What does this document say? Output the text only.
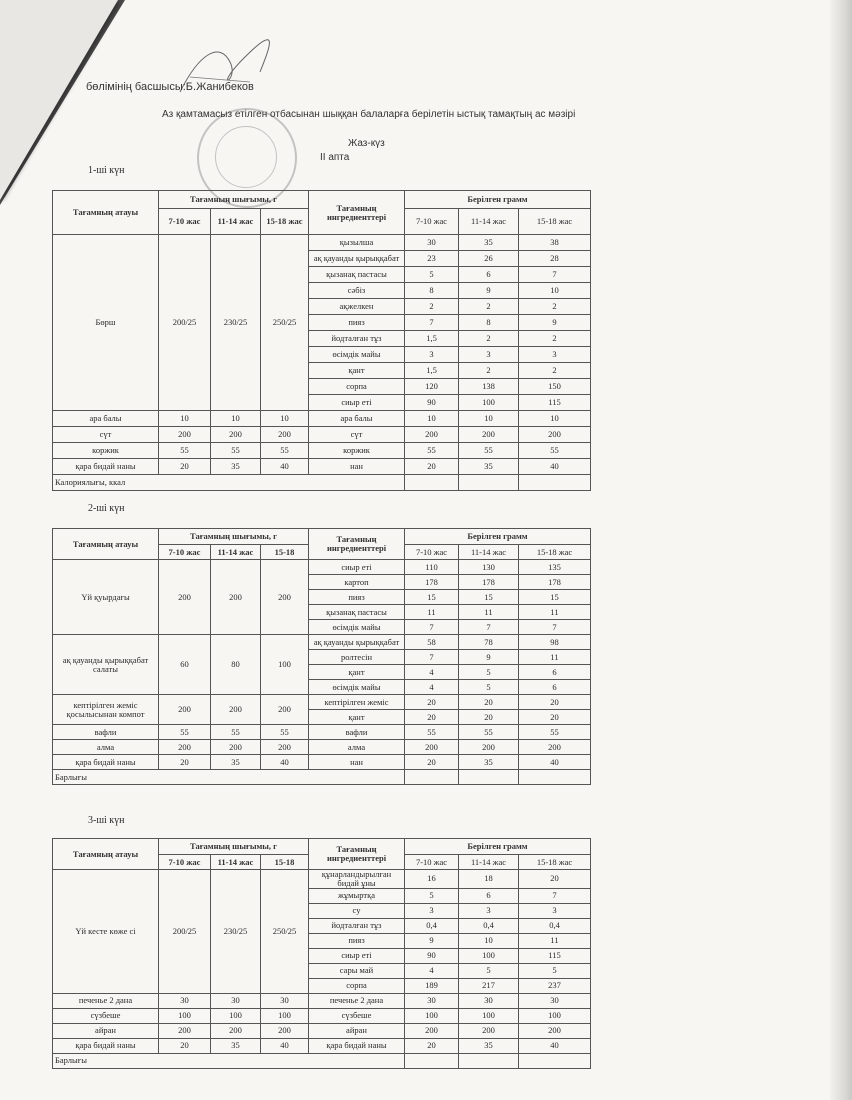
кін:
бөлімінің басшысы:Б.Жанибеков
Аз қамтамасыз етілген отбасынан шыққан балаларға берілетін ыстық тамақтың ас мәзірі
Жаз-күз
ІІ апта
1-ші күн
Тағамның атауы	Тағамның шығымы, г			Тағамның ингредиенттері	Берілген грамм		
	7-10 жас	11-14 жас	15-18 жас		7-10 жас	11-14 жас	15-18 жас
Бөрш	200/25	230/25	250/25	қызылша	30	35	38
				ақ қауанды қырыққабат	23	26	28
				қызанақ пастасы	5	6	7
				сәбіз	8	9	10
				ақжелкен	2	2	2
				пияз	7	8	9
				йодталған тұз	1,5	2	2
				өсімдік майы	3	3	3
				қант	1,5	2	2
				сорпа	120	138	150
				сиыр еті	90	100	115
ара балы	10	10	10	ара балы	10	10	10
сүт	200	200	200	сүт	200	200	200
коржик	55	55	55	коржик	55	55	55
қара бидай наны	20	35	40	нан	20	35	40
Калориялығы, ккал							
2-ші күн
Тағамның атауы	Тағамның шығымы, г			Тағамның ингредиенттері	Берілген грамм		
	7-10 жас	11-14 жас	15-18		7-10 жас	11-14 жас	15-18 жас
Үй қуырдағы	200	200	200	сиыр еті	110	130	135
				картоп	178	178	178
				пияз	15	15	15
				қызанақ пастасы	11	11	11
				өсімдік майы	7	7	7
ақ қауанды қырыққабат салаты	60	80	100	ақ қауанды қырыққабат	58	78	98
				ролтесін	7	9	11
				қант	4	5	6
				өсімдік майы	4	5	6
кептірілген жеміс қосылысынан компот	200	200	200	кептірілген жеміс	20	20	20
				қант	20	20	20
вафли	55	55	55	вафли	55	55	55
алма	200	200	200	алма	200	200	200
қара бидай наны	20	35	40	нан	20	35	40
Барлығы							
3-ші күн
Тағамның атауы	Тағамның шығымы, г			Тағамның ингредиенттері	Берілген грамм		
	7-10 жас	11-14 жас	15-18		7-10 жас	11-14 жас	15-18 жас
Үй кесте көже сі	200/25	230/25	250/25	құнарландырылған бидай ұны	16	18	20
				жұмыртқа	5	6	7
				су	3	3	3
				йодталған тұз	0,4	0,4	0,4
				пияз	9	10	11
				сиыр еті	90	100	115
				сары май	4	5	5
				сорпа	189	217	237
печенье 2 дана	30	30	30	печенье 2 дана	30	30	30
сүзбеше	100	100	100	сүзбеше	100	100	100
айран	200	200	200	айран	200	200	200
қара бидай наны	20	35	40	қара бидай наны	20	35	40
Барлығы							
